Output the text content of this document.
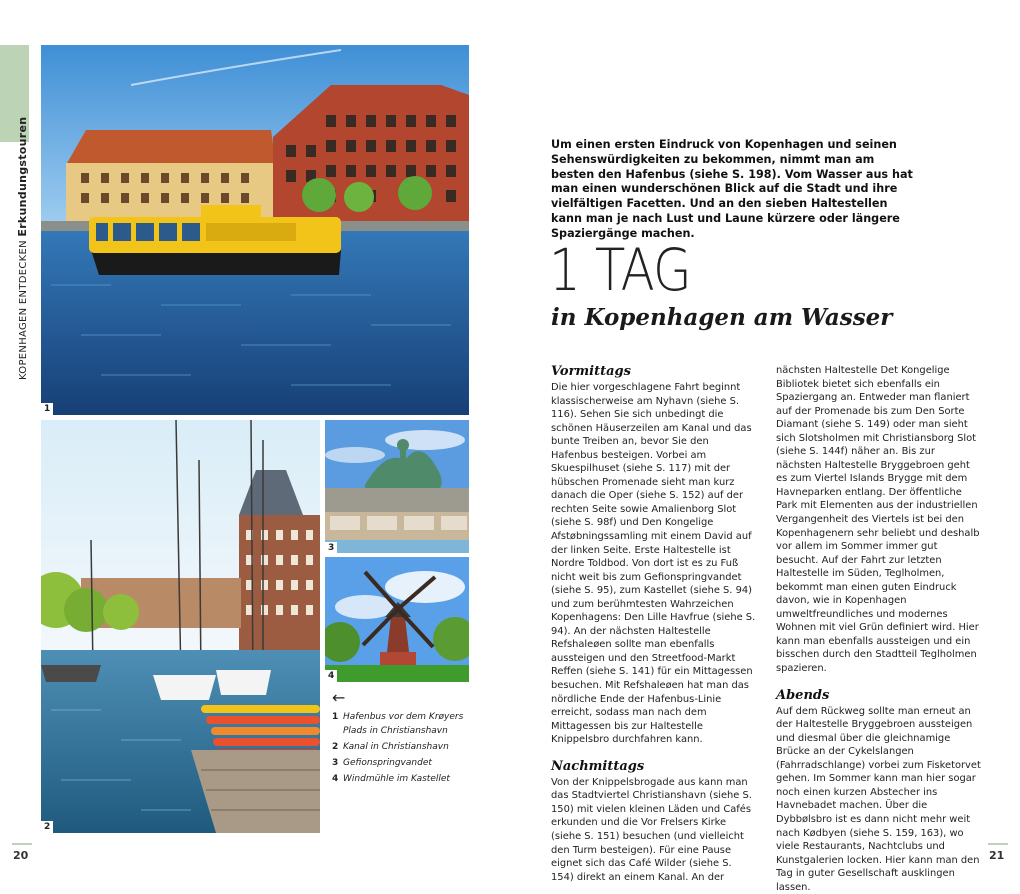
KOPENHAGEN ENTDECKEN Erkundungstouren
1
2
3
4
←
1 Hafenbus vor dem Krøyers Plads in Christianshavn
2 Kanal in Christianshavn
3 Gefionspringvandet
4 Windmühle im Kastellet
20
Um einen ersten Eindruck von Kopenhagen und seinen Sehenswürdigkeiten zu bekommen, nimmt man am besten den Hafenbus (siehe S. 198). Vom Wasser aus hat man einen wunderschönen Blick auf die Stadt und ihre vielfältigen Facetten. Und an den sieben Haltestellen kann man je nach Lust und Laune kürzere oder längere Spaziergänge machen.
1 TAG
in Kopenhagen am Wasser
Vormittags

Die hier vorgeschlagene Fahrt beginnt klassischerweise am Nyhavn (siehe S. 116). Sehen Sie sich unbedingt die schönen Häuserzeilen am Kanal und das bunte Treiben an, bevor Sie den Hafenbus besteigen. Vorbei am Skuespilhuset (siehe S. 117) mit der hübschen Promenade sieht man kurz danach die Oper (siehe S. 152) auf der rechten Seite sowie Amalienborg Slot (siehe S. 98f) und Den Kongelige Afstøbningssamling mit einem David auf der linken Seite. Erste Haltestelle ist Nordre Toldbod. Von dort ist es zu Fuß nicht weit bis zum Gefionspringvandet (siehe S. 95), zum Kastellet (siehe S. 94) und zum berühmtesten Wahrzeichen Kopenhagens: Den Lille Havfrue (siehe S. 94). An der nächsten Haltestelle Refshaleøen sollte man ebenfalls aussteigen und den Streetfood-Markt Reffen (siehe S. 141) für ein Mittagessen besuchen. Mit Refshaleøen hat man das nördliche Ende der Hafenbus-Linie erreicht, sodass man nach dem Mittagessen bis zur Haltestelle Knippelsbro durchfahren kann.

Nachmittags

Von der Knippelsbrogade aus kann man das Stadtviertel Christianshavn (siehe S. 150) mit vielen kleinen Läden und Cafés erkunden und die Vor Frelsers Kirke (siehe S. 151) besuchen (und vielleicht den Turm besteigen). Für eine Pause eignet sich das Café Wilder (siehe S. 154) direkt an einem Kanal. An der

nächsten Haltestelle Det Kongelige Bibliotek bietet sich ebenfalls ein Spaziergang an. Entweder man flaniert auf der Promenade bis zum Den Sorte Diamant (siehe S. 149) oder man sieht sich Slotsholmen mit Christiansborg Slot (siehe S. 144f) näher an. Bis zur nächsten Haltestelle Bryggebroen geht es zum Viertel Islands Brygge mit dem Havneparken entlang. Der öffentliche Park mit Elementen aus der industriellen Vergangenheit des Viertels ist bei den Kopenhagenern sehr beliebt und deshalb vor allem im Sommer immer gut besucht. Auf der Fahrt zur letzten Haltestelle im Süden, Teglholmen, bekommt man einen guten Eindruck davon, wie in Kopenhagen umweltfreundliches und modernes Wohnen mit viel Grün definiert wird. Hier kann man ebenfalls aussteigen und ein bisschen durch den Stadtteil Teglholmen spazieren.

Abends

Auf dem Rückweg sollte man erneut an der Haltestelle Bryggebroen aussteigen und diesmal über die gleichnamige Brücke an der Cykelslangen (Fahrradschlange) vorbei zum Fisketorvet gehen. Im Sommer kann man hier sogar noch einen kurzen Abstecher ins Havnebadet machen. Über die Dybbølsbro ist es dann nicht mehr weit nach Kødbyen (siehe S. 159, 163), wo viele Restaurants, Nachtclubs und Kunstgalerien locken. Hier kann man den Tag in guter Gesellschaft ausklingen lassen.

21
